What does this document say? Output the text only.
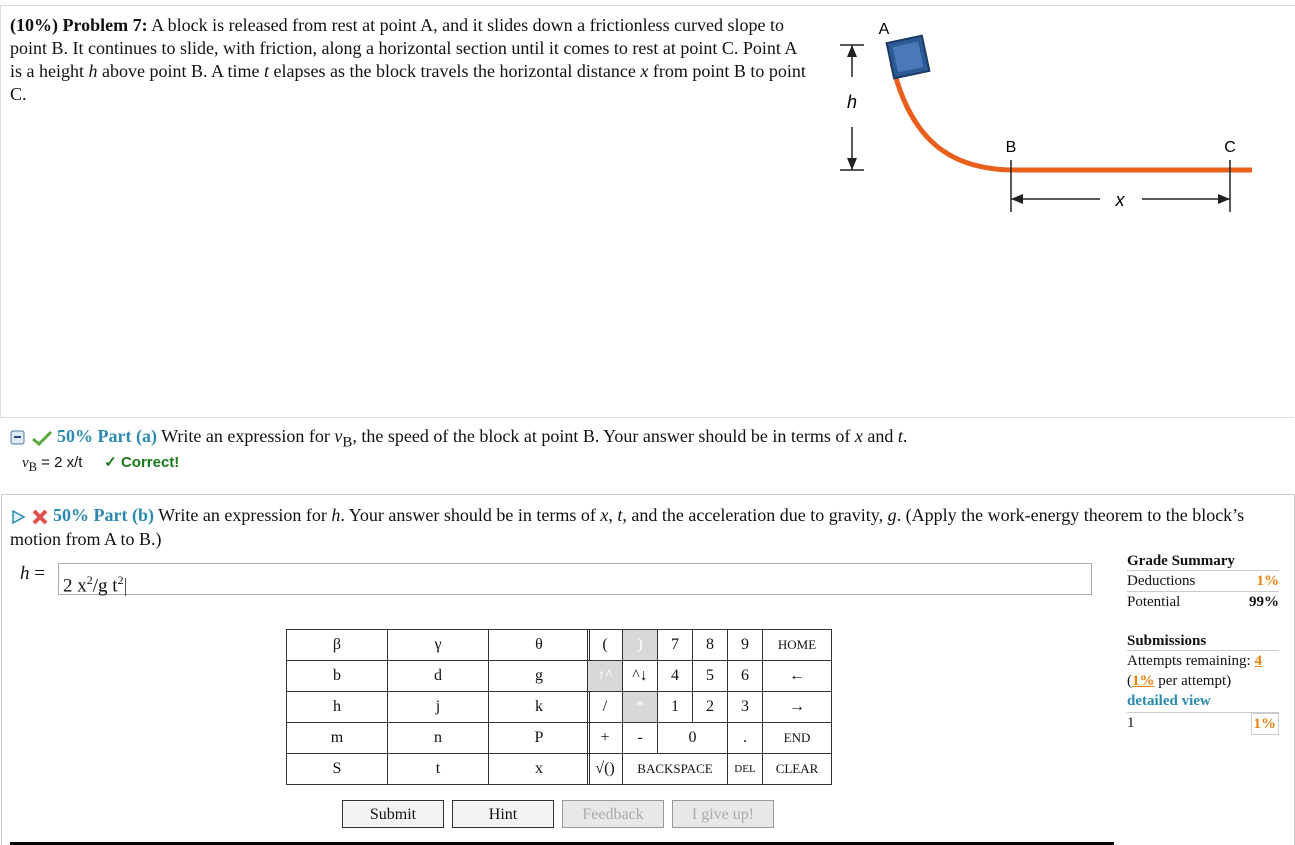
(10%) Problem 7: A block is released from rest at point A, and it slides down a frictionless curved slope to point B. It continues to slide, with friction, along a horizontal section until it comes to rest at point C. Point A is a height h above point B. A time t elapses as the block travels the horizontal distance x from point B to point C.	h
A
B	C
x
50% Part (a) Write an expression for $v_B$, the speed of the block at point B. Your answer should be in terms of x and t.
$v_B = 2$ x/t ✓ Correct!
50% Part (b) Write an expression for h. Your answer should be in terms of x, t, and the acceleration due to gravity, g. (Apply the work-energy theorem to the block’s motion from A to B.)
h =
2 $x^2/g$ $t^2$
β	γ	θ
b	d	g
h	j	k
m	n	P
S	t	x
(	)	7	8	9	HOME
↑^	^↓	4	5	6	←
/	*	1	2	3	→
+	-	0		.	END
√()	BACKSPACE			DEL	CLEAR
Submit	Hint	Feedback	I give up!
Grade Summary
Deductions	1%
Potential	99%
Submissions
Attempts remaining: 4
(1% per attempt)
detailed view
1	1%
